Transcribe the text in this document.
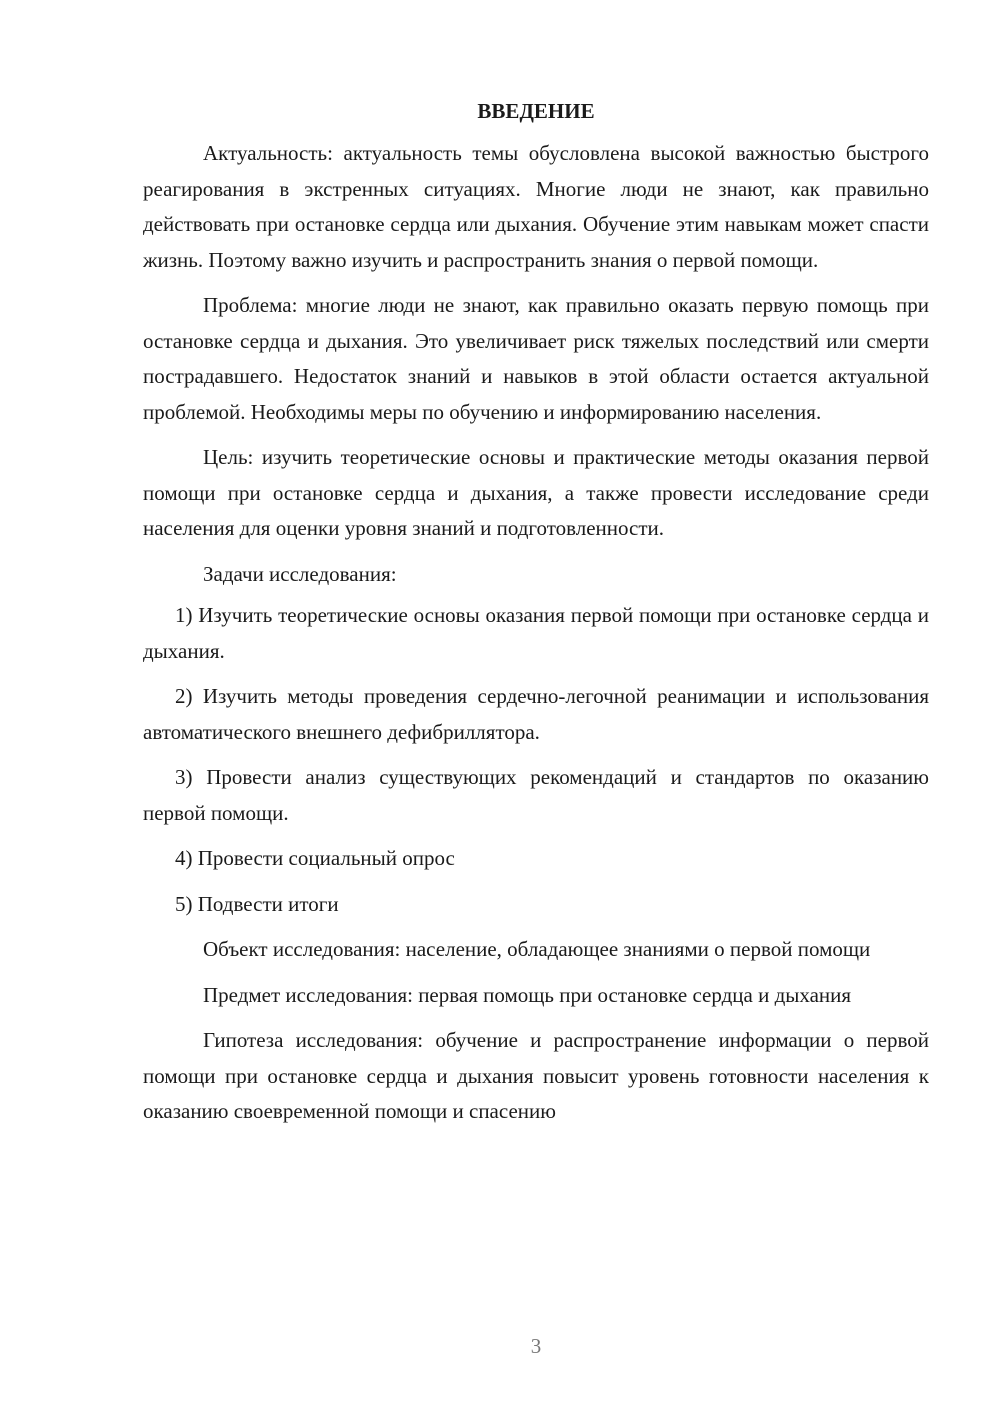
ВВЕДЕНИЕ

Актуальность: актуальность темы обусловлена высокой важностью быстрого реагирования в экстренных ситуациях. Многие люди не знают, как правильно действовать при остановке сердца или дыхания. Обучение этим навыкам может спасти жизнь. Поэтому важно изучить и распространить знания о первой помощи.

Проблема: многие люди не знают, как правильно оказать первую помощь при остановке сердца и дыхания. Это увеличивает риск тяжелых последствий или смерти пострадавшего. Недостаток знаний и навыков в этой области остается актуальной проблемой. Необходимы меры по обучению и информированию населения.

Цель: изучить теоретические основы и практические методы оказания первой помощи при остановке сердца и дыхания, а также провести исследование среди населения для оценки уровня знаний и подготовленности.

Задачи исследования:

1) Изучить теоретические основы оказания первой помощи при остановке сердца и дыхания.

2) Изучить методы проведения сердечно-легочной реанимации и использования автоматического внешнего дефибриллятора.

3) Провести анализ существующих рекомендаций и стандартов по оказанию первой помощи.

4) Провести социальный опрос

5) Подвести итоги

Объект исследования: население, обладающее знаниями о первой помощи

Предмет исследования: первая помощь при остановке сердца и дыхания

Гипотеза исследования: обучение и распространение информации о первой помощи при остановке сердца и дыхания повысит уровень готовности населения к оказанию своевременной помощи и спасению

3
